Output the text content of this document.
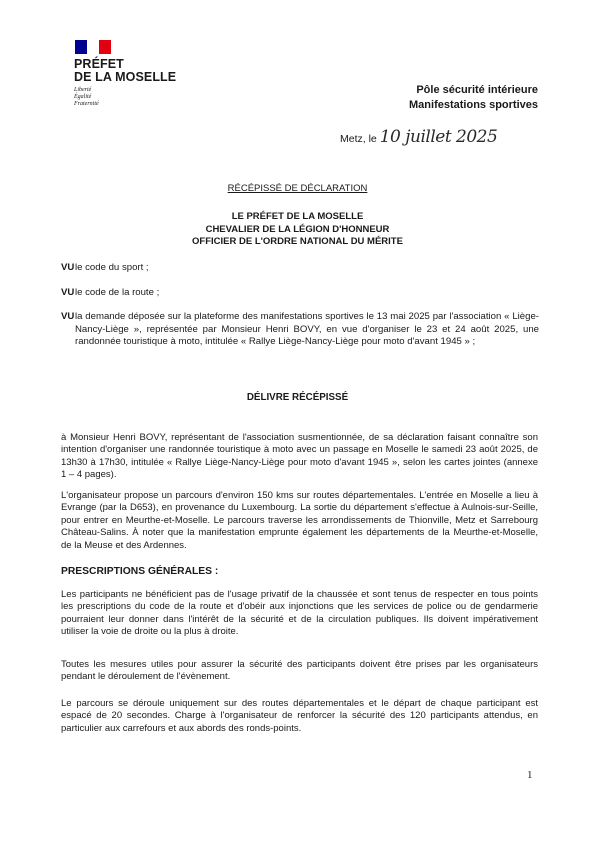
PRÉFET
DE LA MOSELLE
Liberté
Égalité
Fraternité
Pôle sécurité intérieure
Manifestations sportives
Metz, le 10 juillet 2025
RÉCÉPISSÉ DE DÉCLARATION
LE PRÉFET DE LA MOSELLE
CHEVALIER DE LA LÉGION D'HONNEUR
OFFICIER DE L'ORDRE NATIONAL DU MÉRITE
VU le code du sport ;
VU le code de la route ;
VU la demande déposée sur la plateforme des manifestations sportives le 13 mai 2025 par l'association « Liège-Nancy-Liège », représentée par Monsieur Henri BOVY, en vue d'organiser le 23 et 24 août 2025, une randonnée touristique à moto, intitulée « Rallye Liège-Nancy-Liège pour moto d'avant 1945 » ;
DÉLIVRE RÉCÉPISSÉ

à Monsieur Henri BOVY, représentant de l'association susmentionnée, de sa déclaration faisant connaître son intention d'organiser une randonnée touristique à moto avec un passage en Moselle le samedi 23 août 2025, de 13h30 à 17h30, intitulée « Rallye Liège-Nancy-Liège pour moto d'avant 1945 », selon les cartes jointes (annexe 1 – 4 pages).

L'organisateur propose un parcours d'environ 150 kms sur routes départementales. L'entrée en Moselle a lieu à Evrange (par la D653), en provenance du Luxembourg. La sortie du département s'effectue à Aulnois-sur-Seille, pour entrer en Meurthe-et-Moselle. Le parcours traverse les arrondissements de Thionville, Metz et Sarrebourg Château-Salins. À noter que la manifestation emprunte également les départements de la Meurthe-et-Moselle, de la Meuse et des Ardennes.

PRESCRIPTIONS GÉNÉRALES :

Les participants ne bénéficient pas de l'usage privatif de la chaussée et sont tenus de respecter en tous points les prescriptions du code de la route et d'obéir aux injonctions que les services de police ou de gendarmerie pourraient leur donner dans l'intérêt de la sécurité et de la circulation publiques. Ils doivent impérativement utiliser la voie de droite ou la plus à droite.

Toutes les mesures utiles pour assurer la sécurité des participants doivent être prises par les organisateurs pendant le déroulement de l'évènement.

Le parcours se déroule uniquement sur des routes départementales et le départ de chaque participant est espacé de 20 secondes. Charge à l'organisateur de renforcer la sécurité des 120 participants attendus, en particulier aux carrefours et aux abords des ronds-points.

1
